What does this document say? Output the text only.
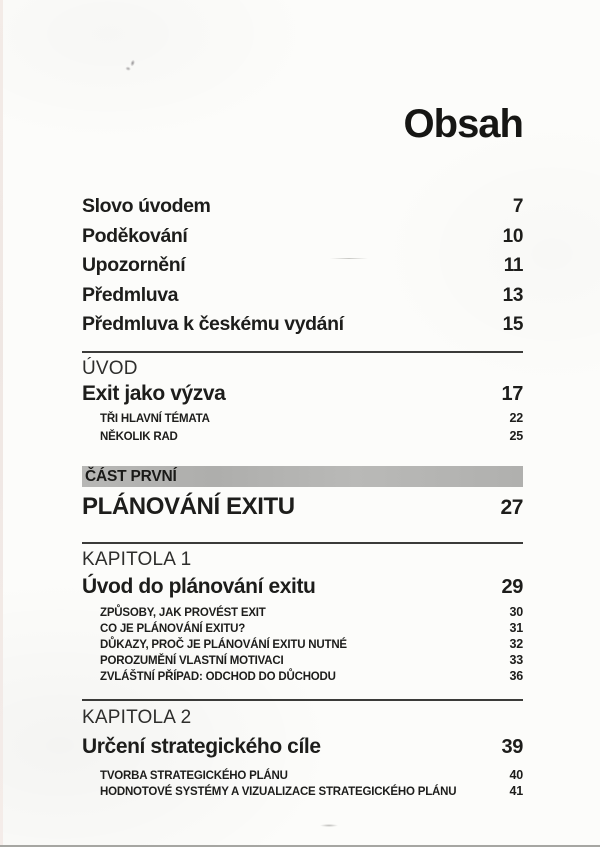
Obsah
Slovo úvodem	7
Poděkování	10
Upozornění	11
Předmluva	13
Předmluva k českému vydání	15
ÚVOD
Exit jako výzva	17
TŘI HLAVNÍ TÉMATA	22
NĚKOLIK RAD	25
ČÁST PRVNÍ
PLÁNOVÁNÍ EXITU	27
KAPITOLA 1
Úvod do plánování exitu	29
ZPŮSOBY, JAK PROVÉST EXIT	30
CO JE PLÁNOVÁNÍ EXITU?	31
DŮKAZY, PROČ JE PLÁNOVÁNÍ EXITU NUTNÉ	32
POROZUMĚNÍ VLASTNÍ MOTIVACI	33
ZVLÁŠTNÍ PŘÍPAD: ODCHOD DO DŮCHODU	36
KAPITOLA 2
Určení strategického cíle	39
TVORBA STRATEGICKÉHO PLÁNU	40
HODNOTOVÉ SYSTÉMY A VIZUALIZACE STRATEGICKÉHO PLÁNU	41
